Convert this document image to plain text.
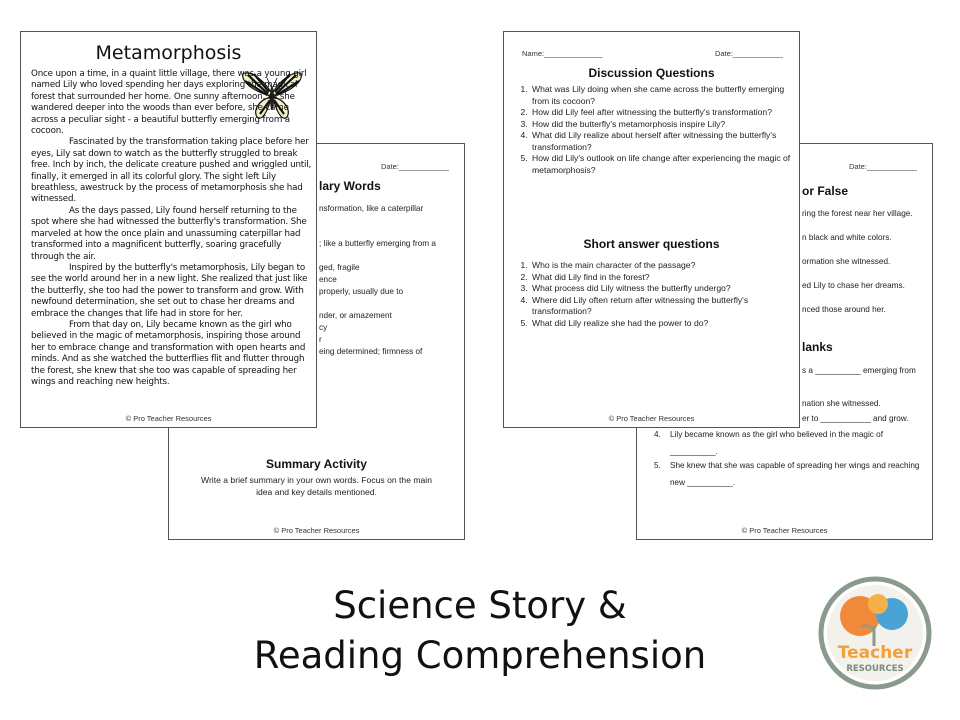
Date:____________
lary Words
nsformation, like a caterpillar
; like a butterfly emerging from a
ged, fragile
ence
properly, usually due to
nder, or amazement
cy
r
eing determined; firmness of
Summary Activity
Write a brief summary in your own words. Focus on the main idea and key details mentioned.
© Pro Teacher Resources
Date:____________
or False
ring the forest near her village.
n black and white colors.
ormation she witnessed.
ed Lily to chase her dreams.
nced those around her.
lanks
s a __________ emerging from
nation she witnessed.
er to ___________ and grow.
4. Lily became known as the girl who believed in the magic of
__________.
5. She knew that she was capable of spreading her wings and reaching
new __________.
© Pro Teacher Resources
Metamorphosis

Once upon a time, in a quaint little village, there was a young girl named Lily who loved spending her days exploring the magical forest that surrounded her home. One sunny afternoon, as she wandered deeper into the woods than ever before, she came across a peculiar sight - a beautiful butterfly emerging from a cocoon.

Fascinated by the transformation taking place before her eyes, Lily sat down to watch as the butterfly struggled to break free. Inch by inch, the delicate creature pushed and wriggled until, finally, it emerged in all its colorful glory. The sight left Lily breathless, awestruck by the process of metamorphosis she had witnessed.

As the days passed, Lily found herself returning to the spot where she had witnessed the butterfly's transformation. She marveled at how the once plain and unassuming caterpillar had transformed into a magnificent butterfly, soaring gracefully through the air.

Inspired by the butterfly's metamorphosis, Lily began to see the world around her in a new light. She realized that just like the butterfly, she too had the power to transform and grow. With newfound determination, she set out to chase her dreams and embrace the changes that life had in store for her.

From that day on, Lily became known as the girl who believed in the magic of metamorphosis, inspiring those around her to embrace change and transformation with open hearts and minds. And as she watched the butterflies flit and flutter through the forest, she knew that she too was capable of spreading her wings and reaching new heights.

© Pro Teacher Resources
Name:______________	Date:____________
Discussion Questions
1. What was Lily doing when she came across the butterfly emerging from its cocoon?
2. How did Lily feel after witnessing the butterfly's transformation?
3. How did the butterfly's metamorphosis inspire Lily?
4. What did Lily realize about herself after witnessing the butterfly's transformation?
5. How did Lily's outlook on life change after experiencing the magic of metamorphosis?
Short answer questions
1. Who is the main character of the passage?
2. What did Lily find in the forest?
3. What process did Lily witness the butterfly undergo?
4. Where did Lily often return after witnessing the butterfly's transformation?
5. What did Lily realize she had the power to do?
© Pro Teacher Resources
Science Story &
Reading Comprehension	Teacher
RESOURCES
